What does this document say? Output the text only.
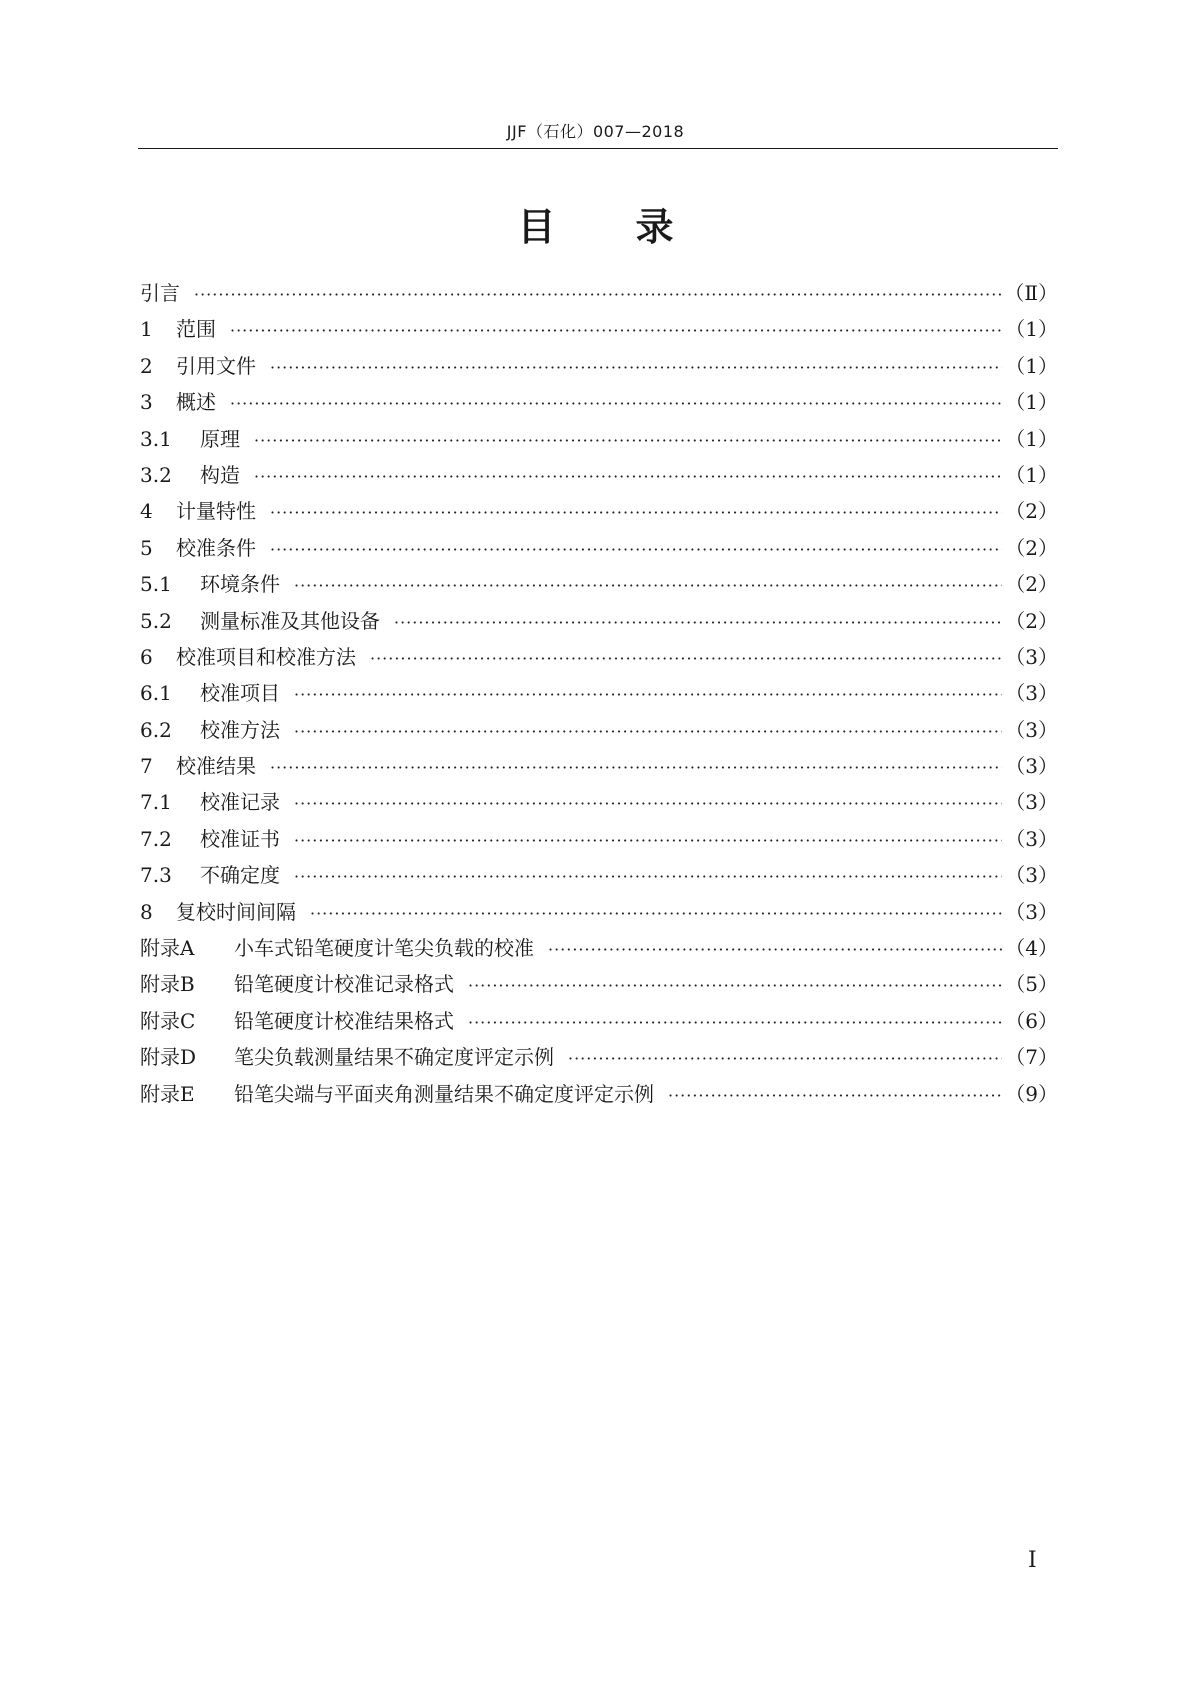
JJF（石化）007—2018
目录
引言 ·····	（Ⅱ）
1	范围 ·····	（1）
2	引用文件 ·····	（1）
3	概述 ·····	（1）
3.1	原理 ·····	（1）
3.2	构造 ·····	（1）
4	计量特性 ·····	（2）
5	校准条件 ·····	（2）
5.1	环境条件 ·····	（2）
5.2	测量标准及其他设备 ·····	（2）
6	校准项目和校准方法 ·····	（3）
6.1	校准项目 ·····	（3）
6.2	校准方法 ·····	（3）
7	校准结果 ·····	（3）
7.1	校准记录 ·····	（3）
7.2	校准证书 ·····	（3）
7.3	不确定度 ·····	（3）
8	复校时间间隔 ·····	（3）
附录A	小车式铅笔硬度计笔尖负载的校准 ·····	（4）
附录B	铅笔硬度计校准记录格式 ·····	（5）
附录C	铅笔硬度计校准结果格式 ·····	（6）
附录D	笔尖负载测量结果不确定度评定示例 ·····	（7）
附录E	铅笔尖端与平面夹角测量结果不确定度评定示例 ·····	（9）
Ⅰ
